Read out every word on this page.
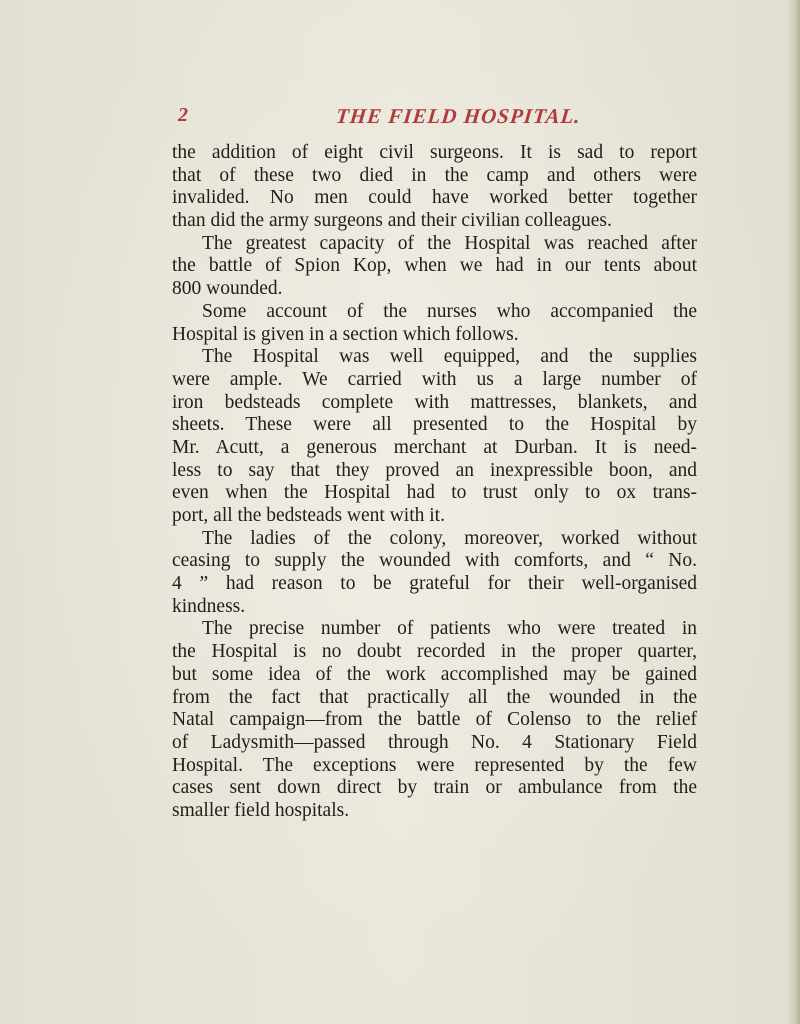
2	THE FIELD HOSPITAL.
the addition of eight civil surgeons. It is sad to report
that of these two died in the camp and others were
invalided. No men could have worked better together
than did the army surgeons and their civilian colleagues.
The greatest capacity of the Hospital was reached after
the battle of Spion Kop, when we had in our tents about
800 wounded.
Some account of the nurses who accompanied the
Hospital is given in a section which follows.
The Hospital was well equipped, and the supplies
were ample. We carried with us a large number of
iron bedsteads complete with mattresses, blankets, and
sheets. These were all presented to the Hospital by
Mr. Acutt, a generous merchant at Durban. It is need-
less to say that they proved an inexpressible boon, and
even when the Hospital had to trust only to ox trans-
port, all the bedsteads went with it.
The ladies of the colony, moreover, worked without
ceasing to supply the wounded with comforts, and “ No.
4 ” had reason to be grateful for their well-organised
kindness.
The precise number of patients who were treated in
the Hospital is no doubt recorded in the proper quarter,
but some idea of the work accomplished may be gained
from the fact that practically all the wounded in the
Natal campaign—from the battle of Colenso to the relief
of Ladysmith—passed through No. 4 Stationary Field
Hospital. The exceptions were represented by the few
cases sent down direct by train or ambulance from the
smaller field hospitals.
